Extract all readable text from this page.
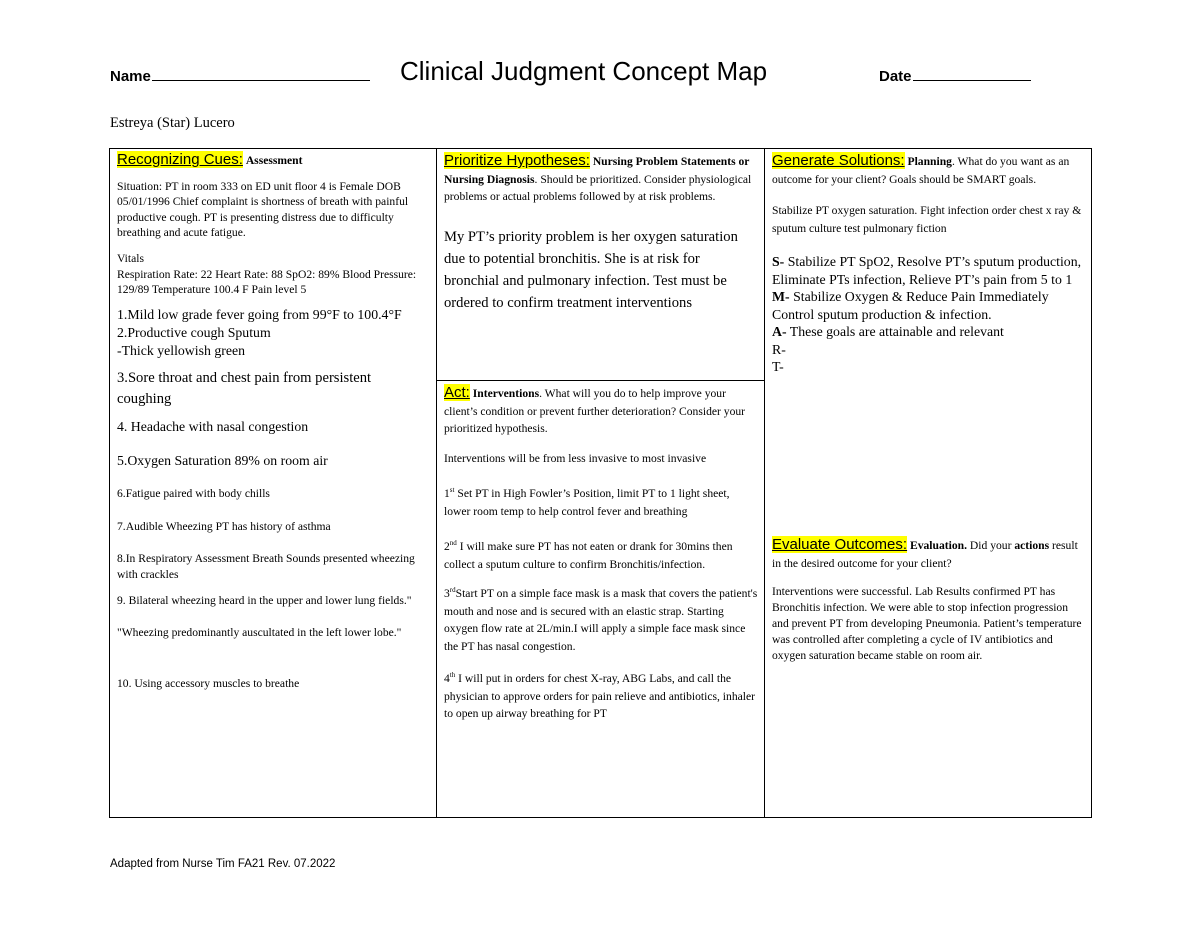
Name	Clinical Judgment Concept Map	Date
Estreya (Star) Lucero

Recognizing Cues: Assessment

Situation: PT in room 333 on ED unit floor 4 is Female DOB 05/01/1996 Chief complaint is shortness of breath with painful productive cough. PT is presenting distress due to difficulty breathing and acute fatigue.

Vitals

Respiration Rate: 22 Heart Rate: 88 SpO2: 89% Blood Pressure: 129/89 Temperature 100.4 F Pain level 5

1.Mild low grade fever going from 99°F to 100.4°F

2.Productive cough Sputum

-Thick yellowish green

3.Sore throat and chest pain from persistent coughing

4. Headache with nasal congestion

5.Oxygen Saturation 89% on room air

6.Fatigue paired with body chills

7.Audible Wheezing PT has history of asthma

8.In Respiratory Assessment Breath Sounds presented wheezing with crackles

9. Bilateral wheezing heard in the upper and lower lung fields."

"Wheezing predominantly auscultated in the left lower lobe."

10. Using accessory muscles to breathe

Prioritize Hypotheses: Nursing Problem Statements or Nursing Diagnosis. Should be prioritized. Consider physiological problems or actual problems followed by at risk problems.

My PT’s priority problem is her oxygen saturation due to potential bronchitis. She is at risk for bronchial and pulmonary infection. Test must be ordered to confirm treatment interventions

Act: Interventions. What will you do to help improve your client’s condition or prevent further deterioration? Consider your prioritized hypothesis.

Interventions will be from less invasive to most invasive

1st Set PT in High Fowler’s Position, limit PT to 1 light sheet, lower room temp to help control fever and breathing

2nd I will make sure PT has not eaten or drank for 30mins then collect a sputum culture to confirm Bronchitis/infection.

3rdStart PT on a simple face mask is a mask that covers the patient's mouth and nose and is secured with an elastic strap. Starting oxygen flow rate at 2L/min.I will apply a simple face mask since the PT has nasal congestion.

4th I will put in orders for chest X-ray, ABG Labs, and call the physician to approve orders for pain relieve and antibiotics, inhaler to open up airway breathing for PT

Generate Solutions: Planning. What do you want as an outcome for your client? Goals should be SMART goals.

Stabilize PT oxygen saturation. Fight infection order chest x ray & sputum culture test pulmonary fiction

S- Stabilize PT SpO2, Resolve PT’s sputum production, Eliminate PTs infection, Relieve PT’s pain from 5 to 1

M- Stabilize Oxygen & Reduce Pain Immediately Control sputum production & infection.

A- These goals are attainable and relevant

R-

T-

Evaluate Outcomes: Evaluation. Did your actions result in the desired outcome for your client?

Interventions were successful. Lab Results confirmed PT has Bronchitis infection. We were able to stop infection progression and prevent PT from developing Pneumonia. Patient’s temperature was controlled after completing a cycle of IV antibiotics and oxygen saturation became stable on room air.

Adapted from Nurse Tim FA21 Rev. 07.2022
